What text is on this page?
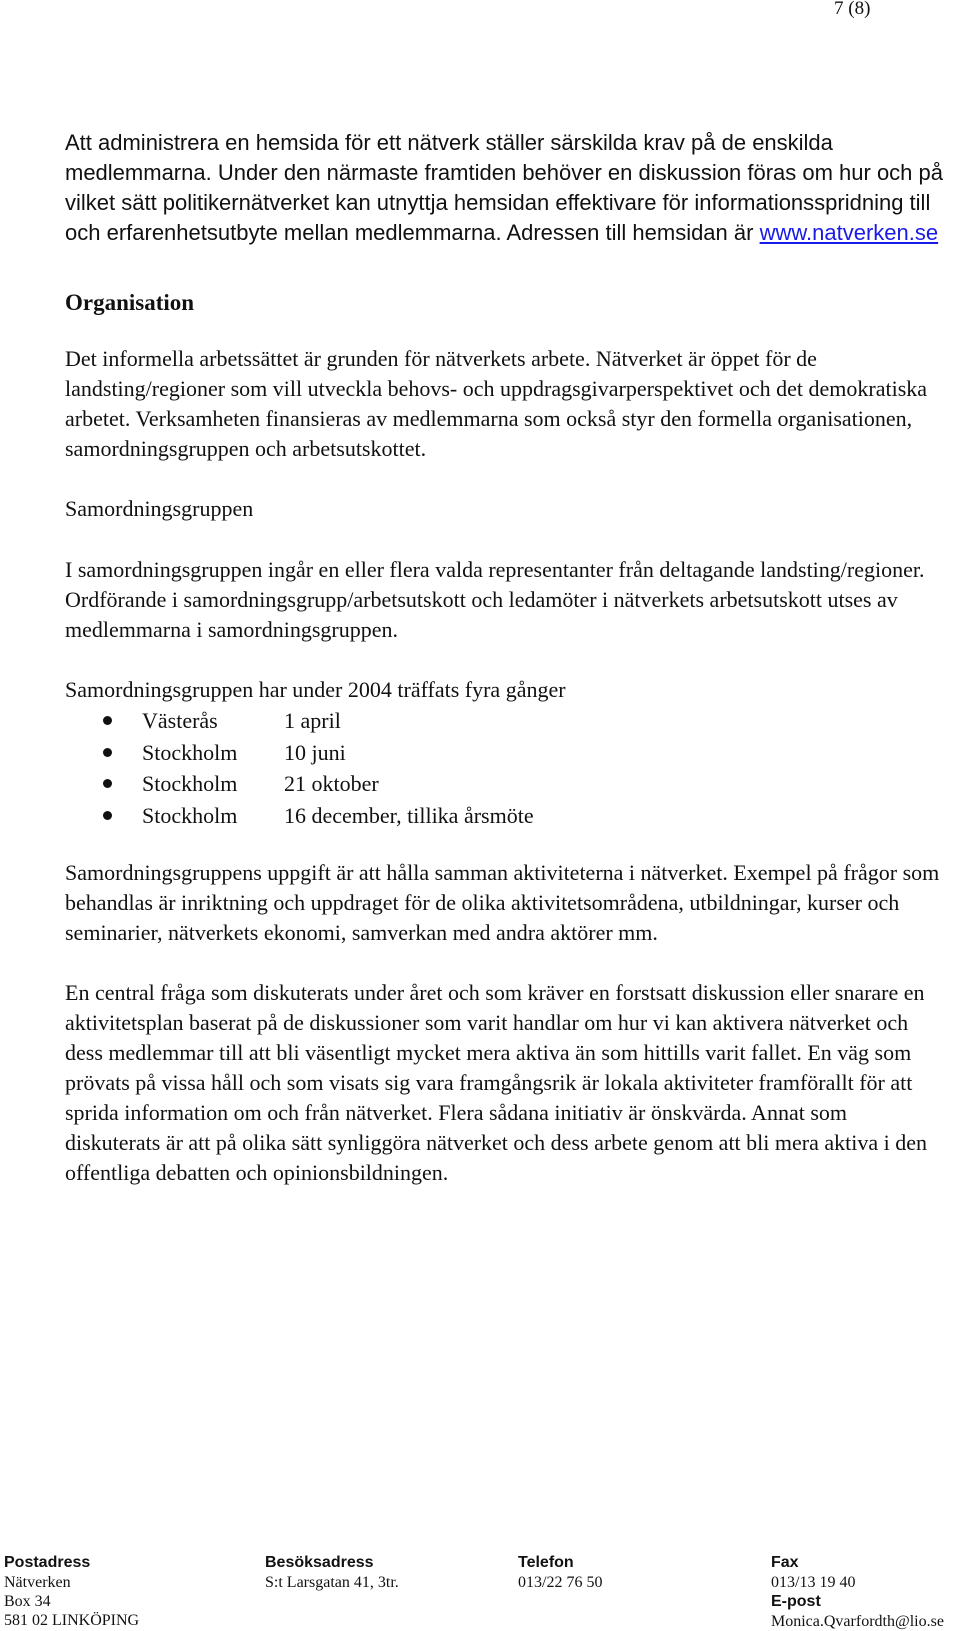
7 (8)

Att administrera en hemsida för ett nätverk ställer särskilda krav på de enskilda medlemmarna. Under den närmaste framtiden behöver en diskussion föras om hur och på vilket sätt politikernätverket kan utnyttja hemsidan effektivare för informationsspridning till och erfarenhetsutbyte mellan medlemmarna. Adressen till hemsidan är www.natverken.se

Organisation

Det informella arbetssättet är grunden för nätverkets arbete. Nätverket är öppet för de landsting/regioner som vill utveckla behovs- och uppdragsgivarperspektivet och det demokratiska arbetet. Verksamheten finansieras av medlemmarna som också styr den formella organisationen, samordningsgruppen och arbetsutskottet.

Samordningsgruppen

I samordningsgruppen ingår en eller flera valda representanter från deltagande landsting/regioner. Ordförande i samordningsgrupp/arbetsutskott och ledamöter i nätverkets arbetsutskott utses av medlemmarna i samordningsgruppen.

Samordningsgruppen har under 2004 träffats fyra gånger

Västerås	1 april
Stockholm 10 juni
Stockholm 21 oktober
Stockholm 16 december, tillika årsmöte

Samordningsgruppens uppgift är att hålla samman aktiviteterna i nätverket. Exempel på frågor som behandlas är inriktning och uppdraget för de olika aktivitetsområdena, utbildningar, kurser och seminarier, nätverkets ekonomi, samverkan med andra aktörer mm.

En central fråga som diskuterats under året och som kräver en forstsatt diskussion eller snarare en aktivitetsplan baserat på de diskussioner som varit handlar om hur vi kan aktivera nätverket och dess medlemmar till att bli väsentligt mycket mera aktiva än som hittills varit fallet. En väg som prövats på vissa håll och som visats sig vara framgångsrik är lokala aktiviteter framförallt för att sprida information om och från nätverket. Flera sådana initiativ är önskvärda. Annat som diskuterats är att på olika sätt synliggöra nätverket och dess arbete genom att bli mera aktiva i den offentliga debatten och opinionsbildningen.

Postadress
Nätverken
Box 34
581 02 LINKÖPING
Besöksadress
S:t Larsgatan 41, 3tr.
Telefon
013/22 76 50
Fax
013/13 19 40
E-post
Monica.Qvarfordth@lio.se
